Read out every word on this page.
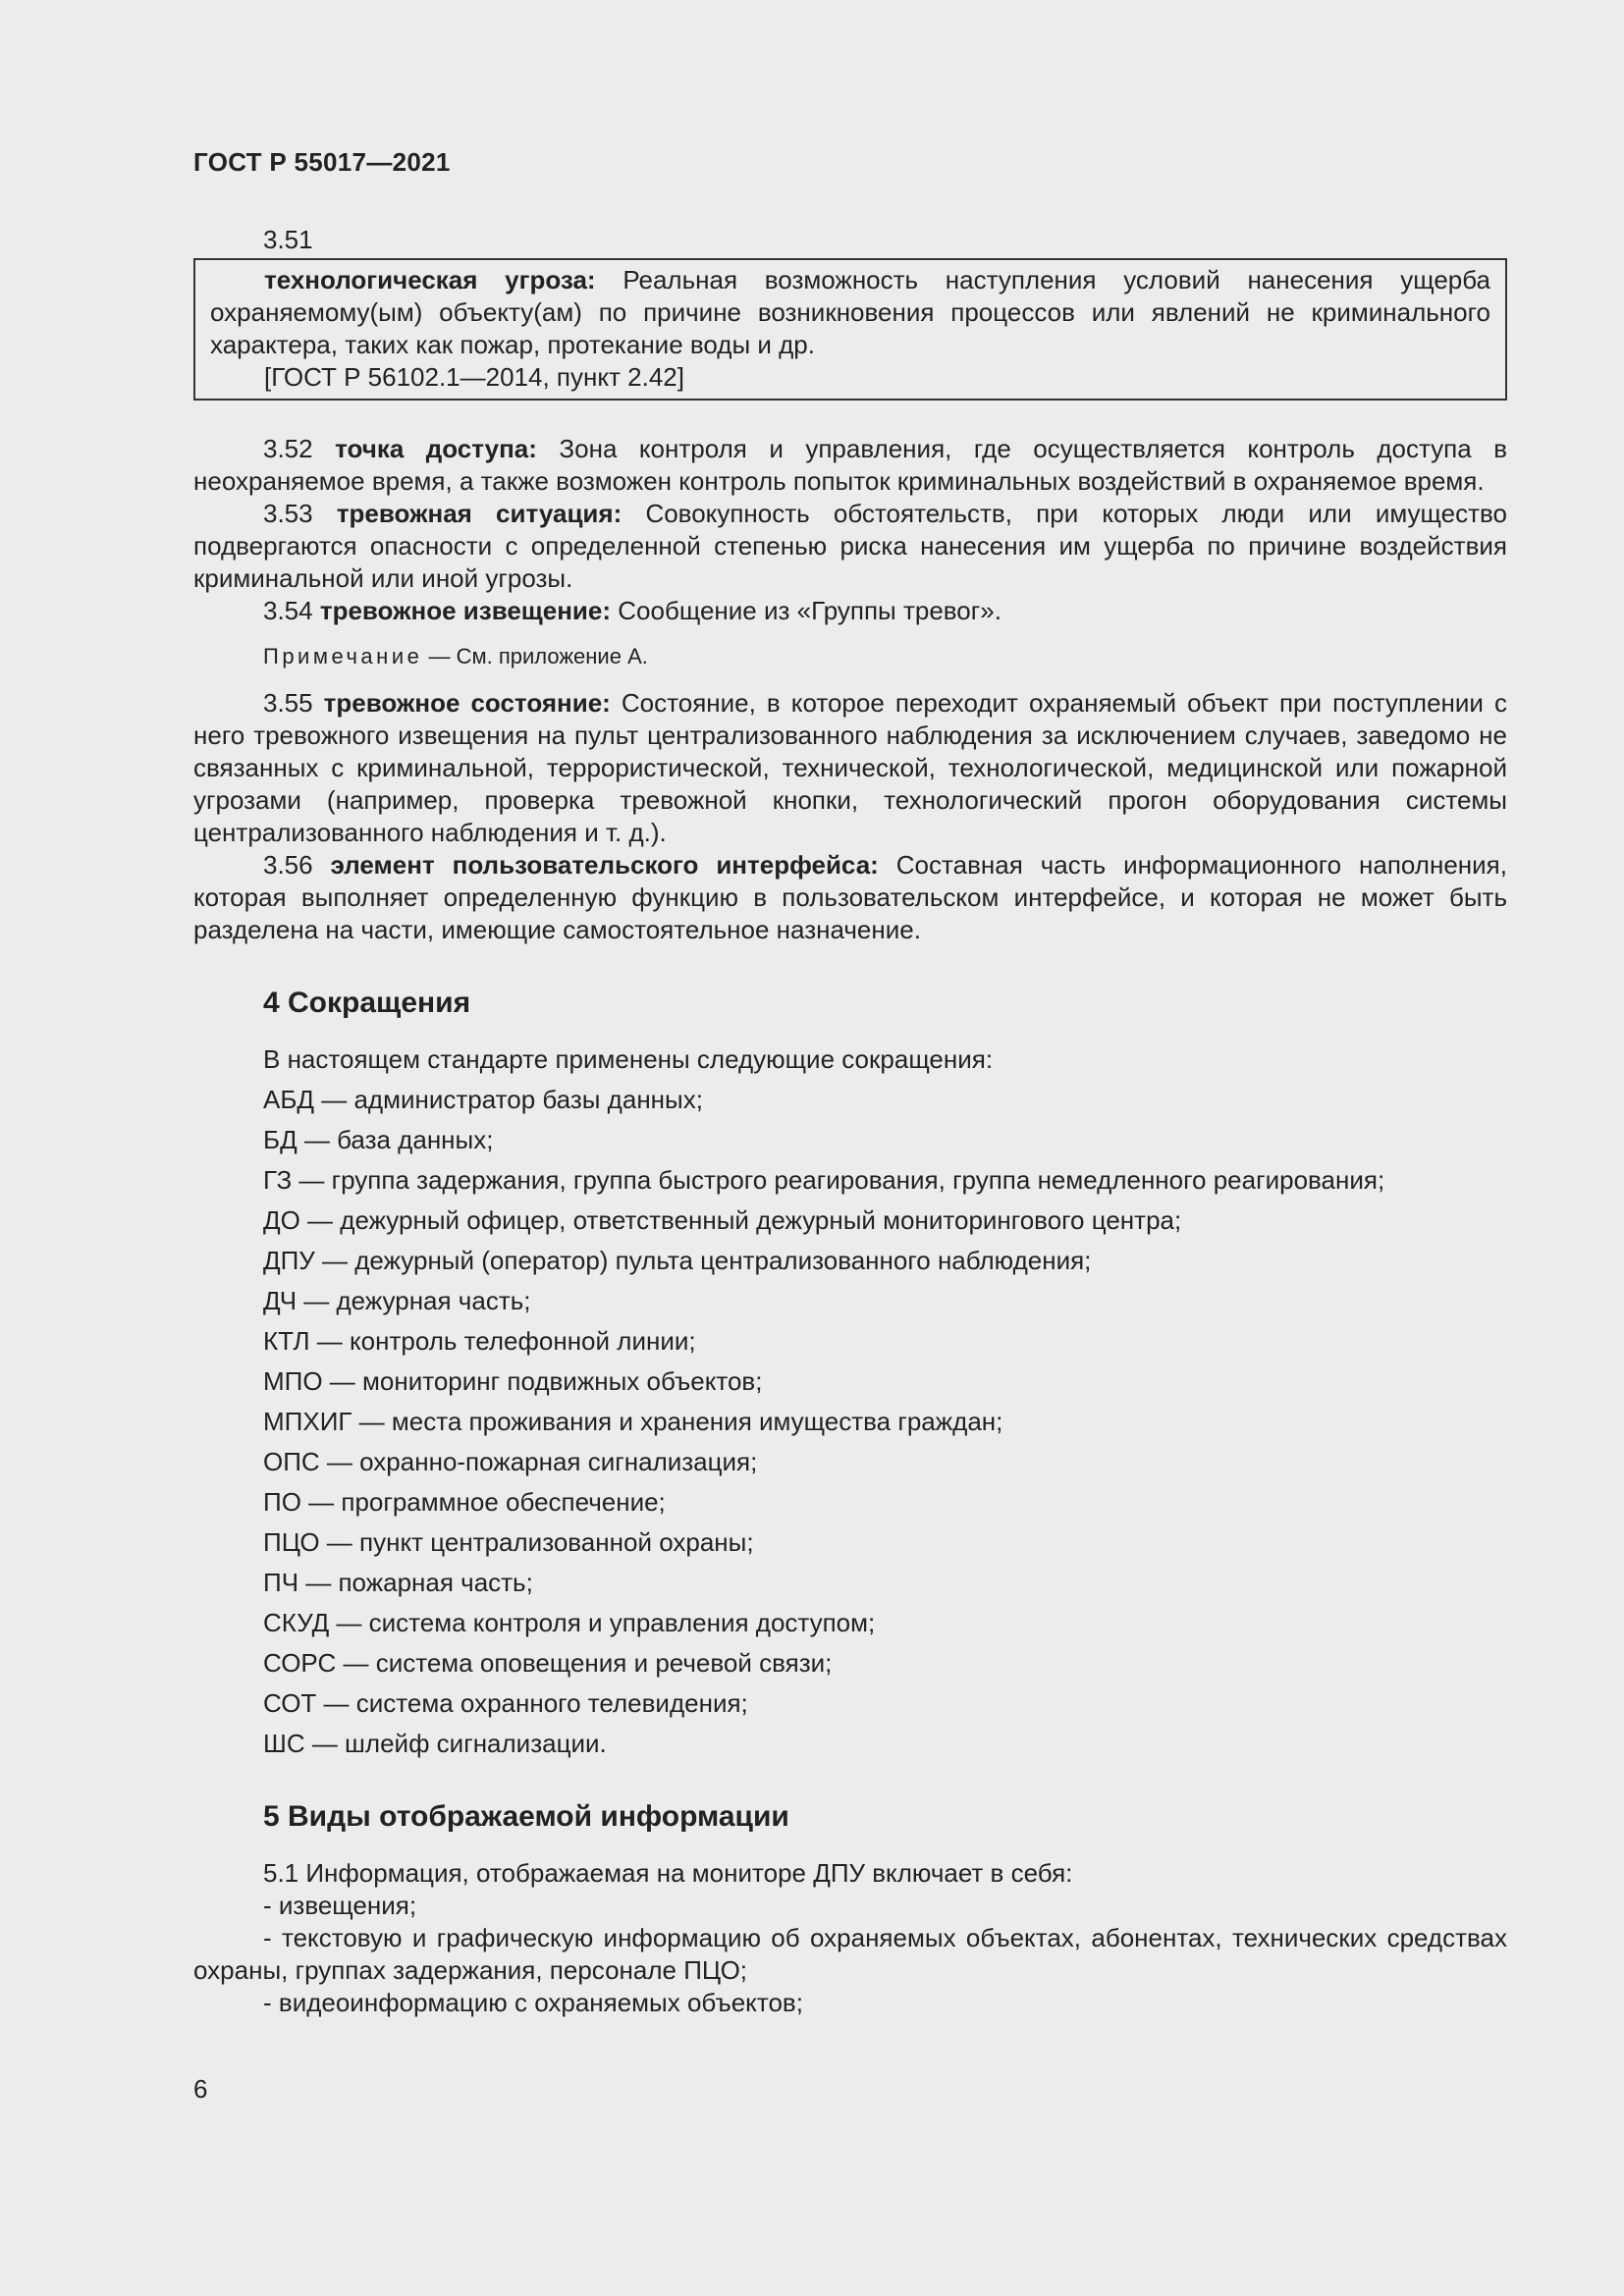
ГОСТ Р 55017—2021

3.51

технологическая угроза: Реальная возможность наступления условий нанесения ущерба охраняемому(ым) объекту(ам) по причине возникновения процессов или явлений не криминального характера, таких как пожар, протекание воды и др.

[ГОСТ Р 56102.1—2014, пункт 2.42]

3.52 точка доступа: Зона контроля и управления, где осуществляется контроль доступа в неохраняемое время, а также возможен контроль попыток криминальных воздействий в охраняемое время.

3.53 тревожная ситуация: Совокупность обстоятельств, при которых люди или имущество подвергаются опасности с определенной степенью риска нанесения им ущерба по причине воздействия криминальной или иной угрозы.

3.54 тревожное извещение: Сообщение из «Группы тревог».

Примечание — См. приложение А.

3.55 тревожное состояние: Состояние, в которое переходит охраняемый объект при поступлении с него тревожного извещения на пульт централизованного наблюдения за исключением случаев, заведомо не связанных с криминальной, террористической, технической, технологической, медицинской или пожарной угрозами (например, проверка тревожной кнопки, технологический прогон оборудования системы централизованного наблюдения и т. д.).

3.56 элемент пользовательского интерфейса: Составная часть информационного наполнения, которая выполняет определенную функцию в пользовательском интерфейсе, и которая не может быть разделена на части, имеющие самостоятельное назначение.

4 Сокращения

В настоящем стандарте применены следующие сокращения:

АБД — администратор базы данных;
БД — база данных;
ГЗ — группа задержания, группа быстрого реагирования, группа немедленного реагирования;
ДО — дежурный офицер, ответственный дежурный мониторингового центра;
ДПУ — дежурный (оператор) пульта централизованного наблюдения;
ДЧ — дежурная часть;
КТЛ — контроль телефонной линии;
МПО — мониторинг подвижных объектов;
МПХИГ — места проживания и хранения имущества граждан;
ОПС — охранно-пожарная сигнализация;
ПО — программное обеспечение;
ПЦО — пункт централизованной охраны;
ПЧ — пожарная часть;
СКУД — система контроля и управления доступом;
СОРС — система оповещения и речевой связи;
СОТ — система охранного телевидения;
ШС — шлейф сигнализации.
5 Виды отображаемой информации

5.1 Информация, отображаемая на мониторе ДПУ включает в себя:

- извещения;

- текстовую и графическую информацию об охраняемых объектах, абонентах, технических средствах охраны, группах задержания, персонале ПЦО;

- видеоинформацию с охраняемых объектов;

6
